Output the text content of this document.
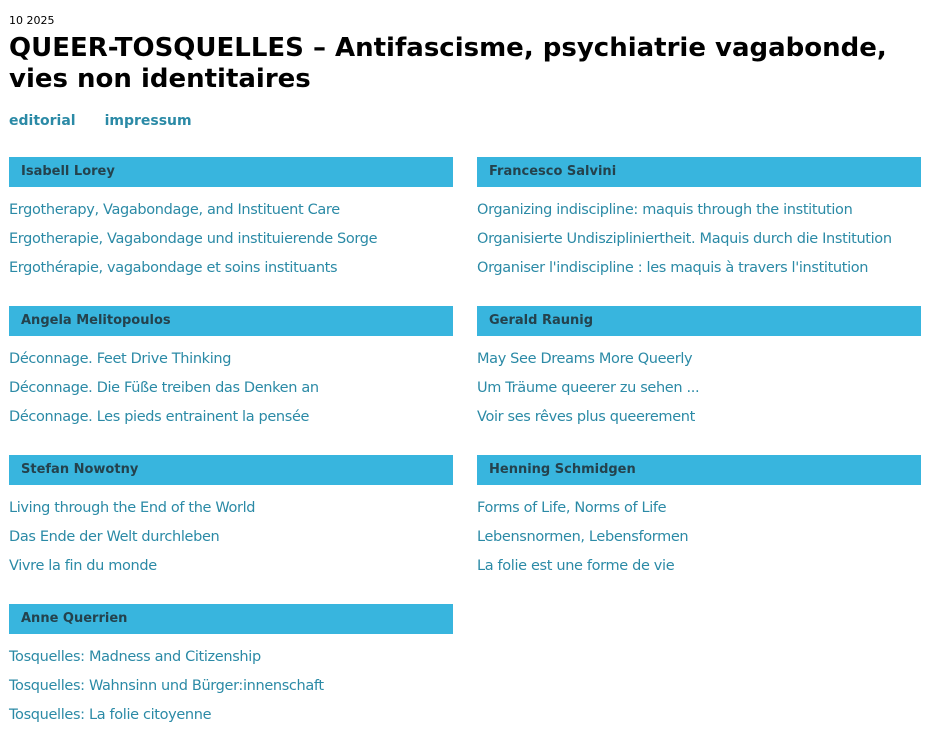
10 2025
QUEER-TOSQUELLES – Antifascisme, psychiatrie vagabonde, vies non identitaires
editorial impressum
Isabell Lorey
Ergotherapy, Vagabondage, and Instituent Care
Ergotherapie, Vagabondage und instituierende Sorge
Ergothérapie, vagabondage et soins instituants
Francesco Salvini
Organizing indiscipline: maquis through the institution
Organisierte Undiszipliniertheit. Maquis durch die Institution
Organiser l'indiscipline : les maquis à travers l'institution
Angela Melitopoulos
Déconnage. Feet Drive Thinking
Déconnage. Die Füße treiben das Denken an
Déconnage. Les pieds entrainent la pensée
Gerald Raunig
May See Dreams More Queerly
Um Träume queerer zu sehen ...
Voir ses rêves plus queerement
Stefan Nowotny
Living through the End of the World
Das Ende der Welt durchleben
Vivre la fin du monde
Henning Schmidgen
Forms of Life, Norms of Life
Lebensnormen, Lebensformen
La folie est une forme de vie
Anne Querrien
Tosquelles: Madness and Citizenship
Tosquelles: Wahnsinn und Bürger:innenschaft
Tosquelles: La folie citoyenne
